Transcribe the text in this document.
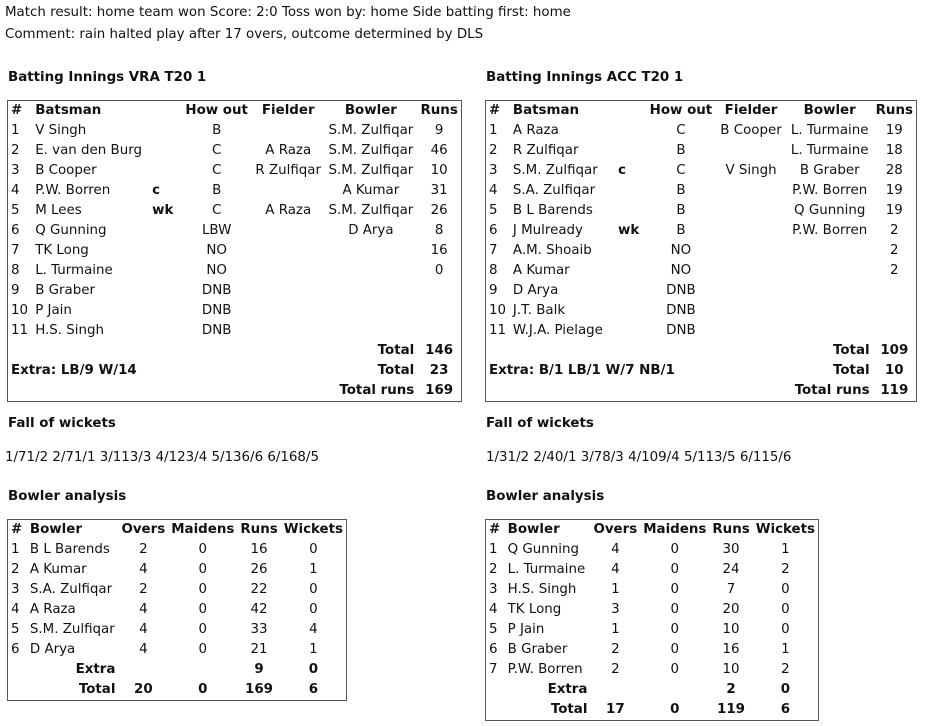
Match result: home team won Score: 2:0 Toss won by: home Side batting first: home
Comment: rain halted play after 17 overs, outcome determined by DLS
Batting Innings VRA T20 1
#	Batsman		How out	Fielder	Bowler	Runs
1	V Singh		B		S.M. Zulfiqar	9
2	E. van den Burg		C	A Raza	S.M. Zulfiqar	46
3	B Cooper		C	R Zulfiqar	S.M. Zulfiqar	10
4	P.W. Borren	c	B		A Kumar	31
5	M Lees	wk	C	A Raza	S.M. Zulfiqar	26
6	Q Gunning		LBW		D Arya	8
7	TK Long		NO			16
8	L. Turmaine		NO			0
9	B Graber		DNB			
10	P Jain		DNB			
11	H.S. Singh		DNB			
					Total	146
Extra: LB/9 W/14					Total	23
					Total runs	169
Fall of wickets
1/71/2 2/71/1 3/113/3 4/123/4 5/136/6 6/168/5
Bowler analysis
#	Bowler	Overs	Maidens	Runs	Wickets
1	B L Barends	2	0	16	0
2	A Kumar	4	0	26	1
3	S.A. Zulfiqar	2	0	22	0
4	A Raza	4	0	42	0
5	S.M. Zulfiqar	4	0	33	4
6	D Arya	4	0	21	1
	Extra			9	0
	Total	20	0	169	6
Batting Innings ACC T20 1
#	Batsman		How out	Fielder	Bowler	Runs
1	A Raza		C	B Cooper	L. Turmaine	19
2	R Zulfiqar		B		L. Turmaine	18
3	S.M. Zulfiqar	c	C	V Singh	B Graber	28
4	S.A. Zulfiqar		B		P.W. Borren	19
5	B L Barends		B		Q Gunning	19
6	J Mulready	wk	B		P.W. Borren	2
7	A.M. Shoaib		NO			2
8	A Kumar		NO			2
9	D Arya		DNB			
10	J.T. Balk		DNB			
11	W.J.A. Pielage		DNB			
					Total	109
Extra: B/1 LB/1 W/7 NB/1					Total	10
					Total runs	119
Fall of wickets
1/31/2 2/40/1 3/78/3 4/109/4 5/113/5 6/115/6
Bowler analysis
#	Bowler	Overs	Maidens	Runs	Wickets
1	Q Gunning	4	0	30	1
2	L. Turmaine	4	0	24	2
3	H.S. Singh	1	0	7	0
4	TK Long	3	0	20	0
5	P Jain	1	0	10	0
6	B Graber	2	0	16	1
7	P.W. Borren	2	0	10	2
	Extra			2	0
	Total	17	0	119	6
